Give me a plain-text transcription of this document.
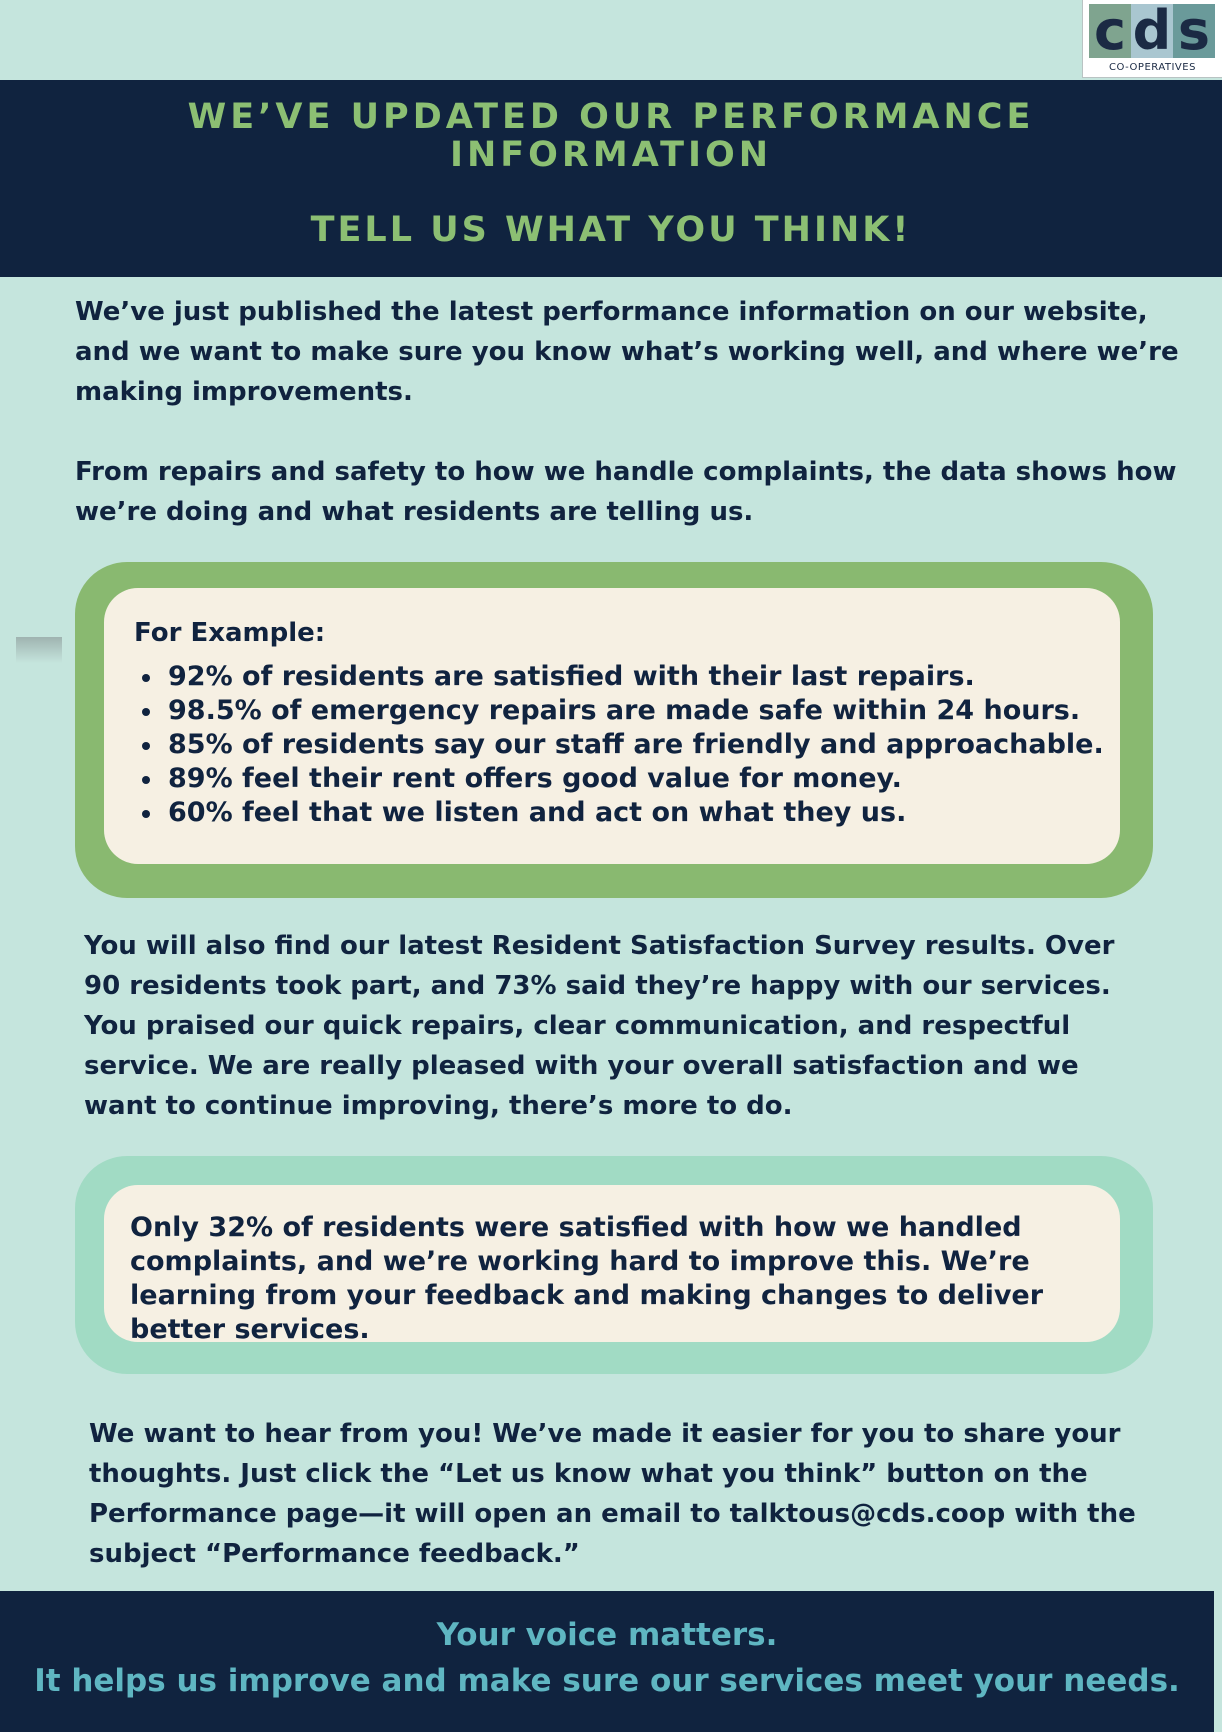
c d s
CO-OPERATIVES
WE’VE UPDATED OUR PERFORMANCE INFORMATION
TELL US WHAT YOU THINK!

We’ve just published the latest performance information on our website, and we want to make sure you know what’s working well, and where we’re making improvements.

From repairs and safety to how we handle complaints, the data shows how we’re doing and what residents are telling us.

For Example:
92% of residents are satisfied with their last repairs.
98.5% of emergency repairs are made safe within 24 hours.
85% of residents say our staff are friendly and approachable.
89% feel their rent offers good value for money.
60% feel that we listen and act on what they us.

You will also find our latest Resident Satisfaction Survey results. Over 90 residents took part, and 73% said they’re happy with our services. You praised our quick repairs, clear communication, and respectful service. We are really pleased with your overall satisfaction and we want to continue improving, there’s more to do.

Only 32% of residents were satisfied with how we handled complaints, and we’re working hard to improve this. We’re learning from your feedback and making changes to deliver better services.

We want to hear from you! We’ve made it easier for you to share your thoughts. Just click the “Let us know what you think” button on the Performance page—it will open an email to talktous@cds.coop with the subject “Performance feedback.”

Your voice matters.
It helps us improve and make sure our services meet your needs.
